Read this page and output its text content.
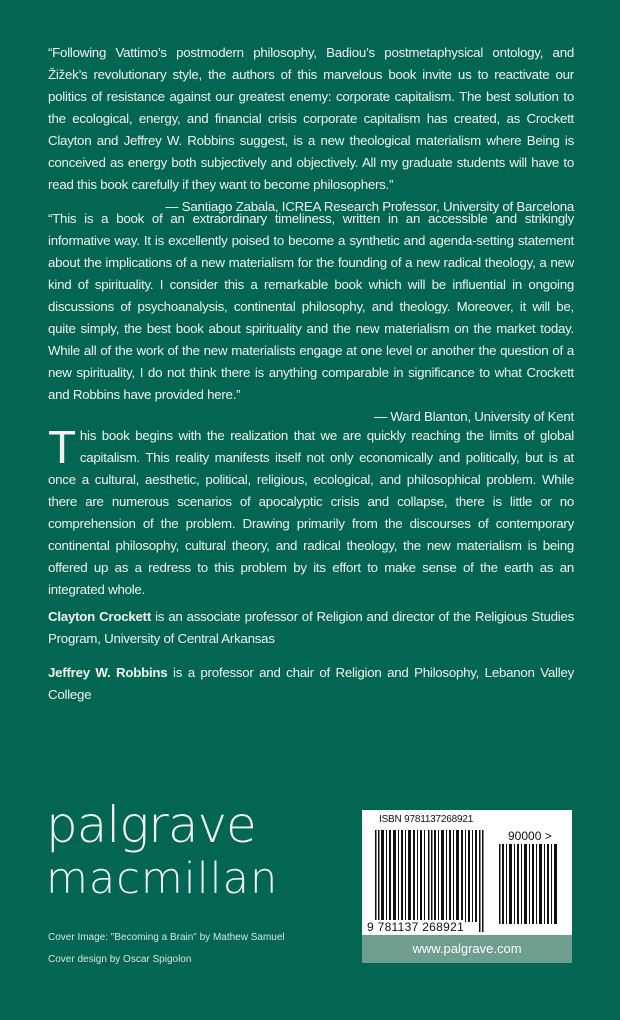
“Following Vattimo’s postmodern philosophy, Badiou’s postmetaphysical ontology, and Žižek’s revolutionary style, the authors of this marvelous book invite us to reactivate our politics of resistance against our greatest enemy: corporate capitalism. The best solution to the ecological, energy, and financial crisis corporate capitalism has created, as Crockett Clayton and Jeffrey W. Robbins suggest, is a new theological materialism where Being is conceived as energy both subjectively and objectively. All my graduate students will have to read this book carefully if they want to become philosophers.”
— Santiago Zabala, ICREA Research Professor, University of Barcelona
“This is a book of an extraordinary timeliness, written in an accessible and strikingly informative way. It is excellently poised to become a synthetic and agenda-setting statement about the implications of a new materialism for the founding of a new radical theology, a new kind of spirituality. I consider this a remarkable book which will be influential in ongoing discussions of psychoanalysis, continental philosophy, and theology. Moreover, it will be, quite simply, the best book about spirituality and the new materialism on the market today. While all of the work of the new materialists engage at one level or another the question of a new spirituality, I do not think there is anything comparable in significance to what Crockett and Robbins have provided here.”
— Ward Blanton, University of Kent
T his book begins with the realization that we are quickly reaching the limits of global capitalism. This reality manifests itself not only economically and politically, but is at once a cultural, aesthetic, political, religious, ecological, and philosophical problem. While there are numerous scenarios of apocalyptic crisis and collapse, there is little or no comprehension of the problem. Drawing primarily from the discourses of contemporary continental philosophy, cultural theory, and radical theology, the new materialism is being offered up as a redress to this problem by its effort to make sense of the earth as an integrated whole.
Clayton Crockett is an associate professor of Religion and director of the Religious Studies Program, University of Central Arkansas
Jeffrey W. Robbins is a professor and chair of Religion and Philosophy, Lebanon Valley College
palgrave
macmillan
Cover Image: "Becoming a Brain" by Mathew Samuel
Cover design by Oscar Spigolon
ISBN 9781137268921
90000 >
9 781137 268921
www.palgrave.com
